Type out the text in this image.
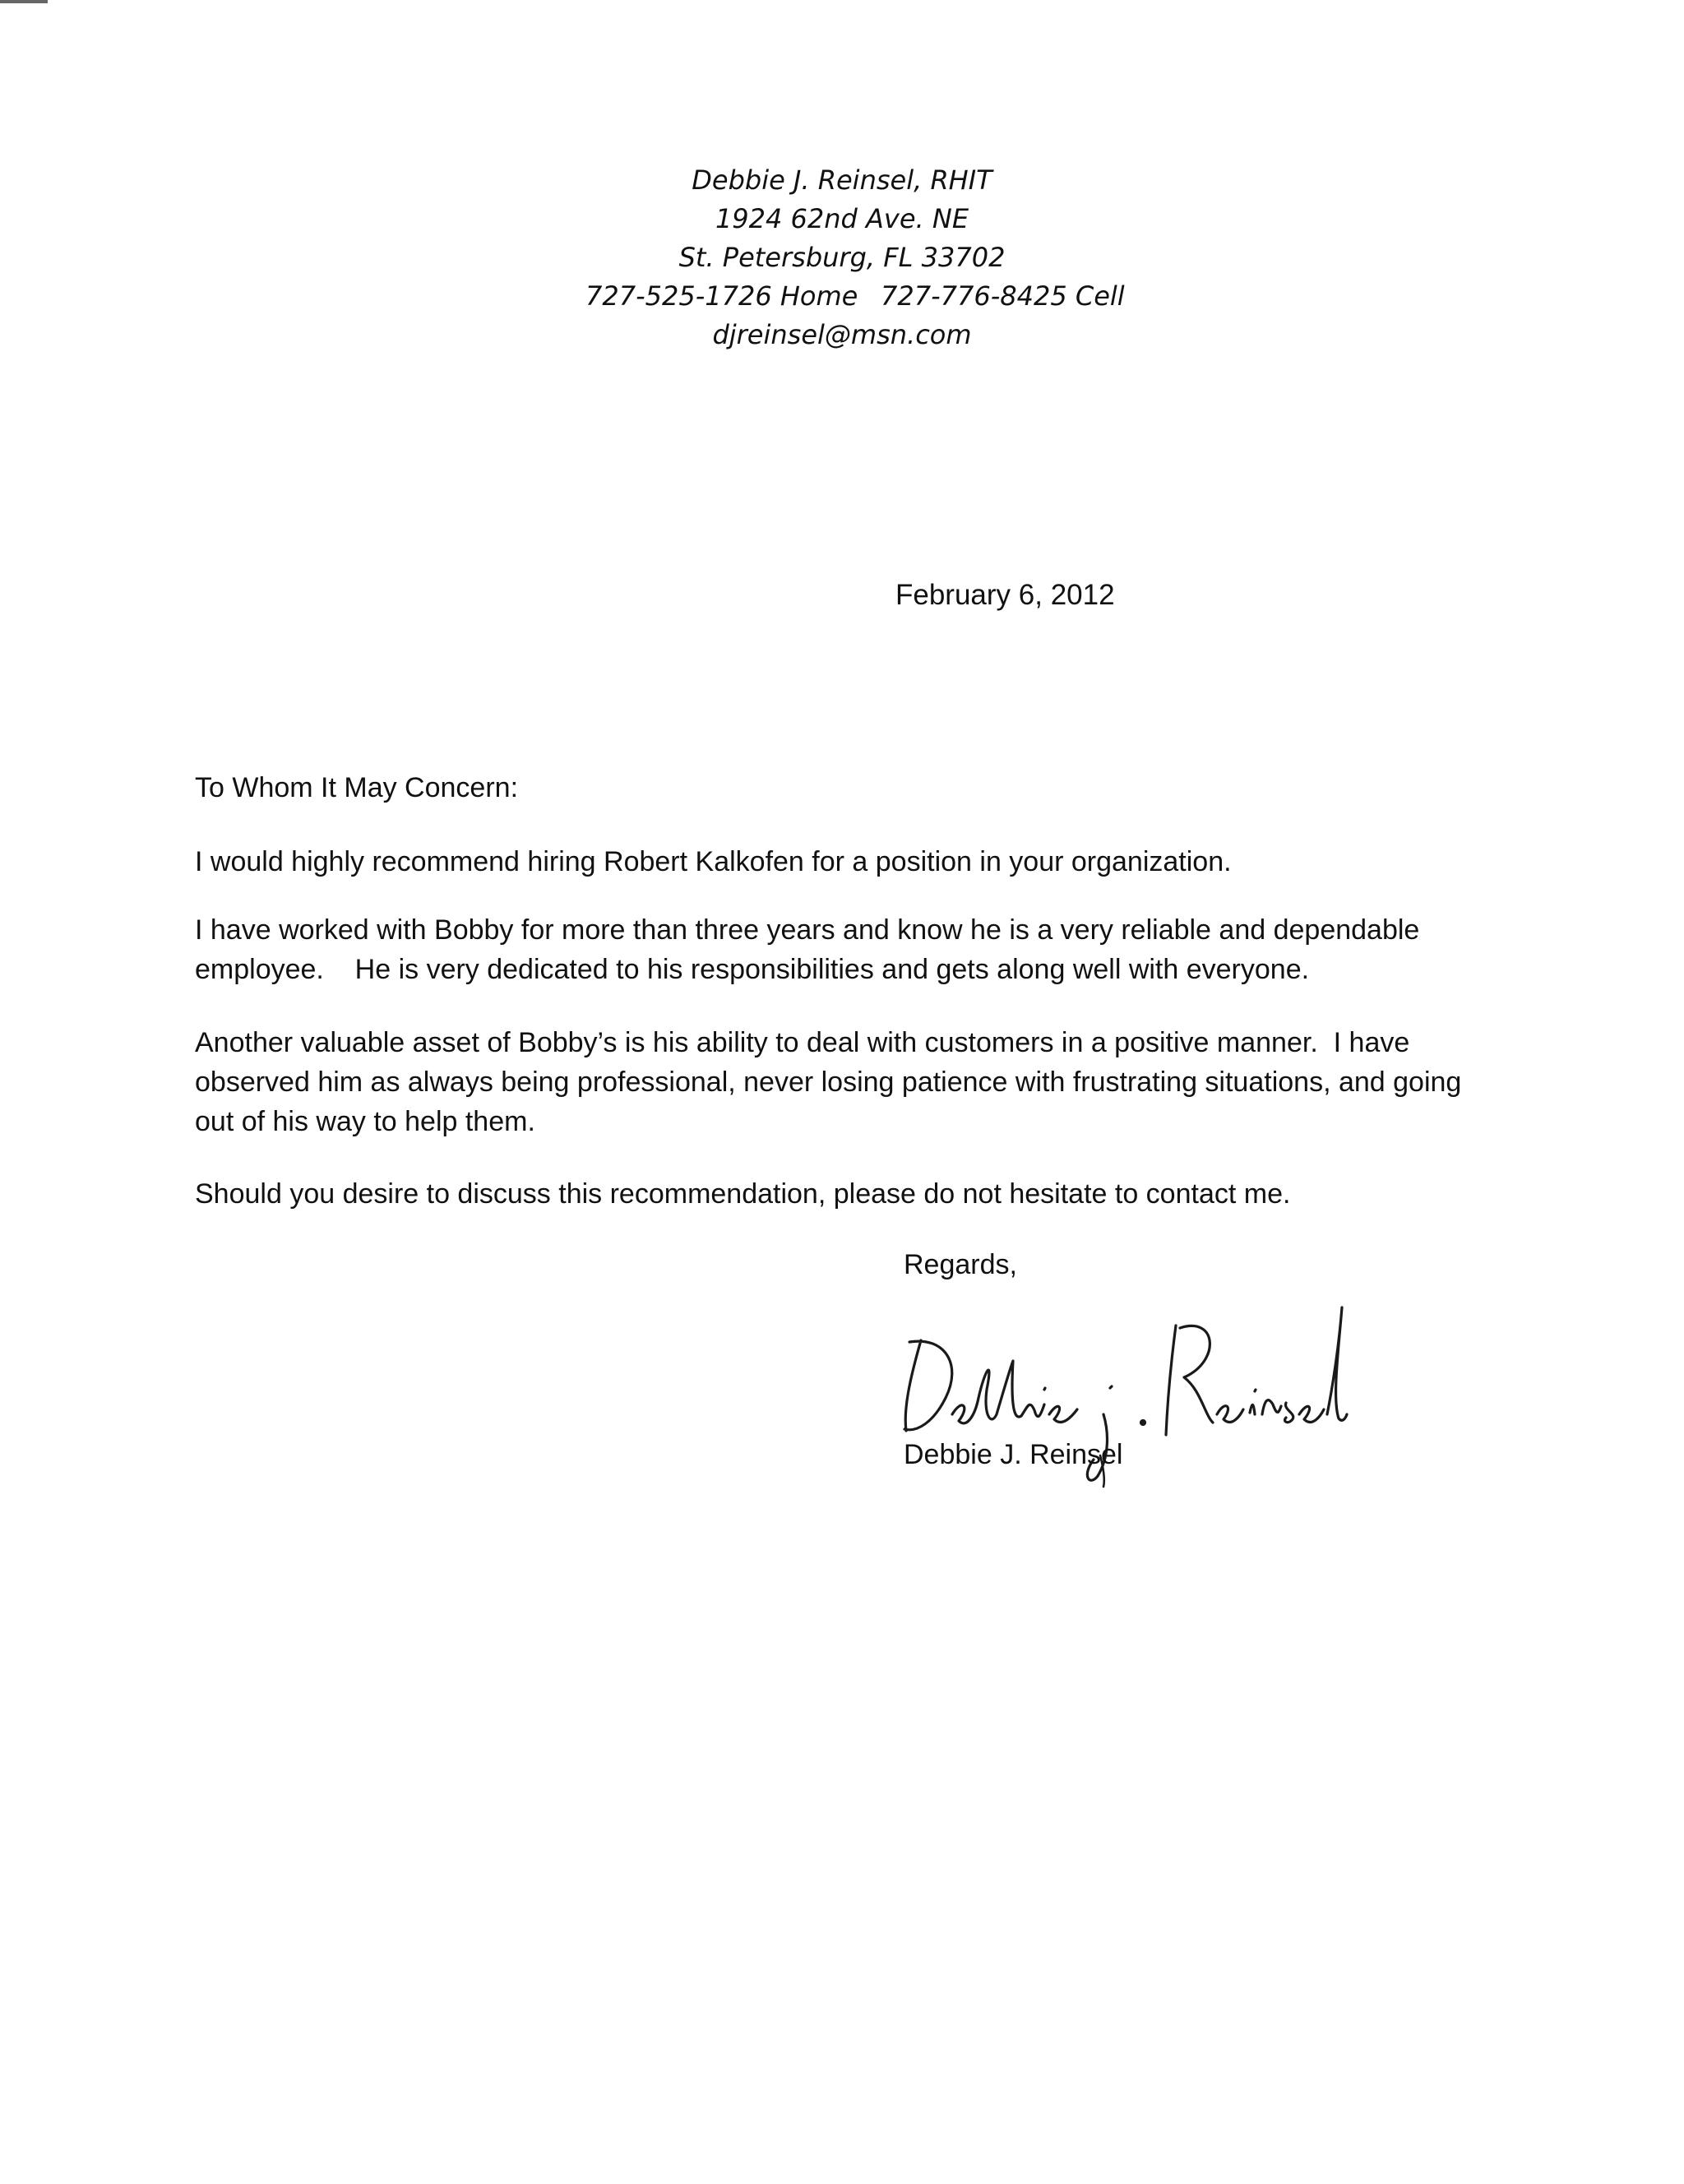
Debbie J. Reinsel, RHIT
1924 62nd Ave. NE
St. Petersburg, FL 33702
727-525-1726 Home 727-776-8425 Cell
djreinsel@msn.com
February 6, 2012
To Whom It May Concern:
I would highly recommend hiring Robert Kalkofen for a position in your organization.
I have worked with Bobby for more than three years and know he is a very reliable and dependable
employee.    He is very dedicated to his responsibilities and gets along well with everyone.
Another valuable asset of Bobby’s is his ability to deal with customers in a positive manner.  I have
observed him as always being professional, never losing patience with frustrating situations, and going
out of his way to help them.
Should you desire to discuss this recommendation, please do not hesitate to contact me.
Regards,
Debbie J. Reinsel
